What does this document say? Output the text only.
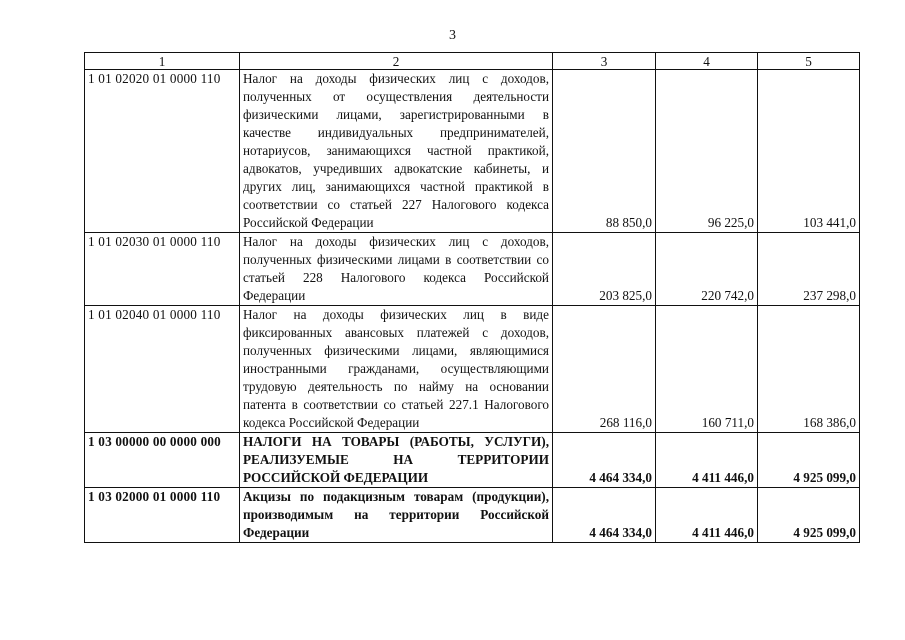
3
1	2	3	4	5
1 01 02020 01 0000 110	Налог на доходы физических лиц с доходов, полученных от осуществления деятельности физическими лицами, зарегистрированными в качестве индивидуальных предпринимателей, нотариусов, занимающихся частной практикой, адвокатов, учредивших адвокатские кабинеты, и других лиц, занимающихся частной практикой в соответствии со статьей 227 Налогового кодекса Российской Федерации	88 850,0	96 225,0	103 441,0
1 01 02030 01 0000 110	Налог на доходы физических лиц с доходов, полученных физическими лицами в соответствии со статьей 228 Налогового кодекса Российской Федерации	203 825,0	220 742,0	237 298,0
1 01 02040 01 0000 110	Налог на доходы физических лиц в виде фиксированных авансовых платежей с доходов, полученных физическими лицами, являющимися иностранными гражданами, осуществляющими трудовую деятельность по найму на основании патента в соответствии со статьей 227.1 Налогового кодекса Российской Федерации	268 116,0	160 711,0	168 386,0
1 03 00000 00 0000 000	НАЛОГИ НА ТОВАРЫ (РАБОТЫ, УСЛУГИ), РЕАЛИЗУЕМЫЕ НА ТЕРРИТОРИИ РОССИЙСКОЙ ФЕДЕРАЦИИ	4 464 334,0	4 411 446,0	4 925 099,0
1 03 02000 01 0000 110	Акцизы по подакцизным товарам (продукции), производимым на территории Российской Федерации	4 464 334,0	4 411 446,0	4 925 099,0
